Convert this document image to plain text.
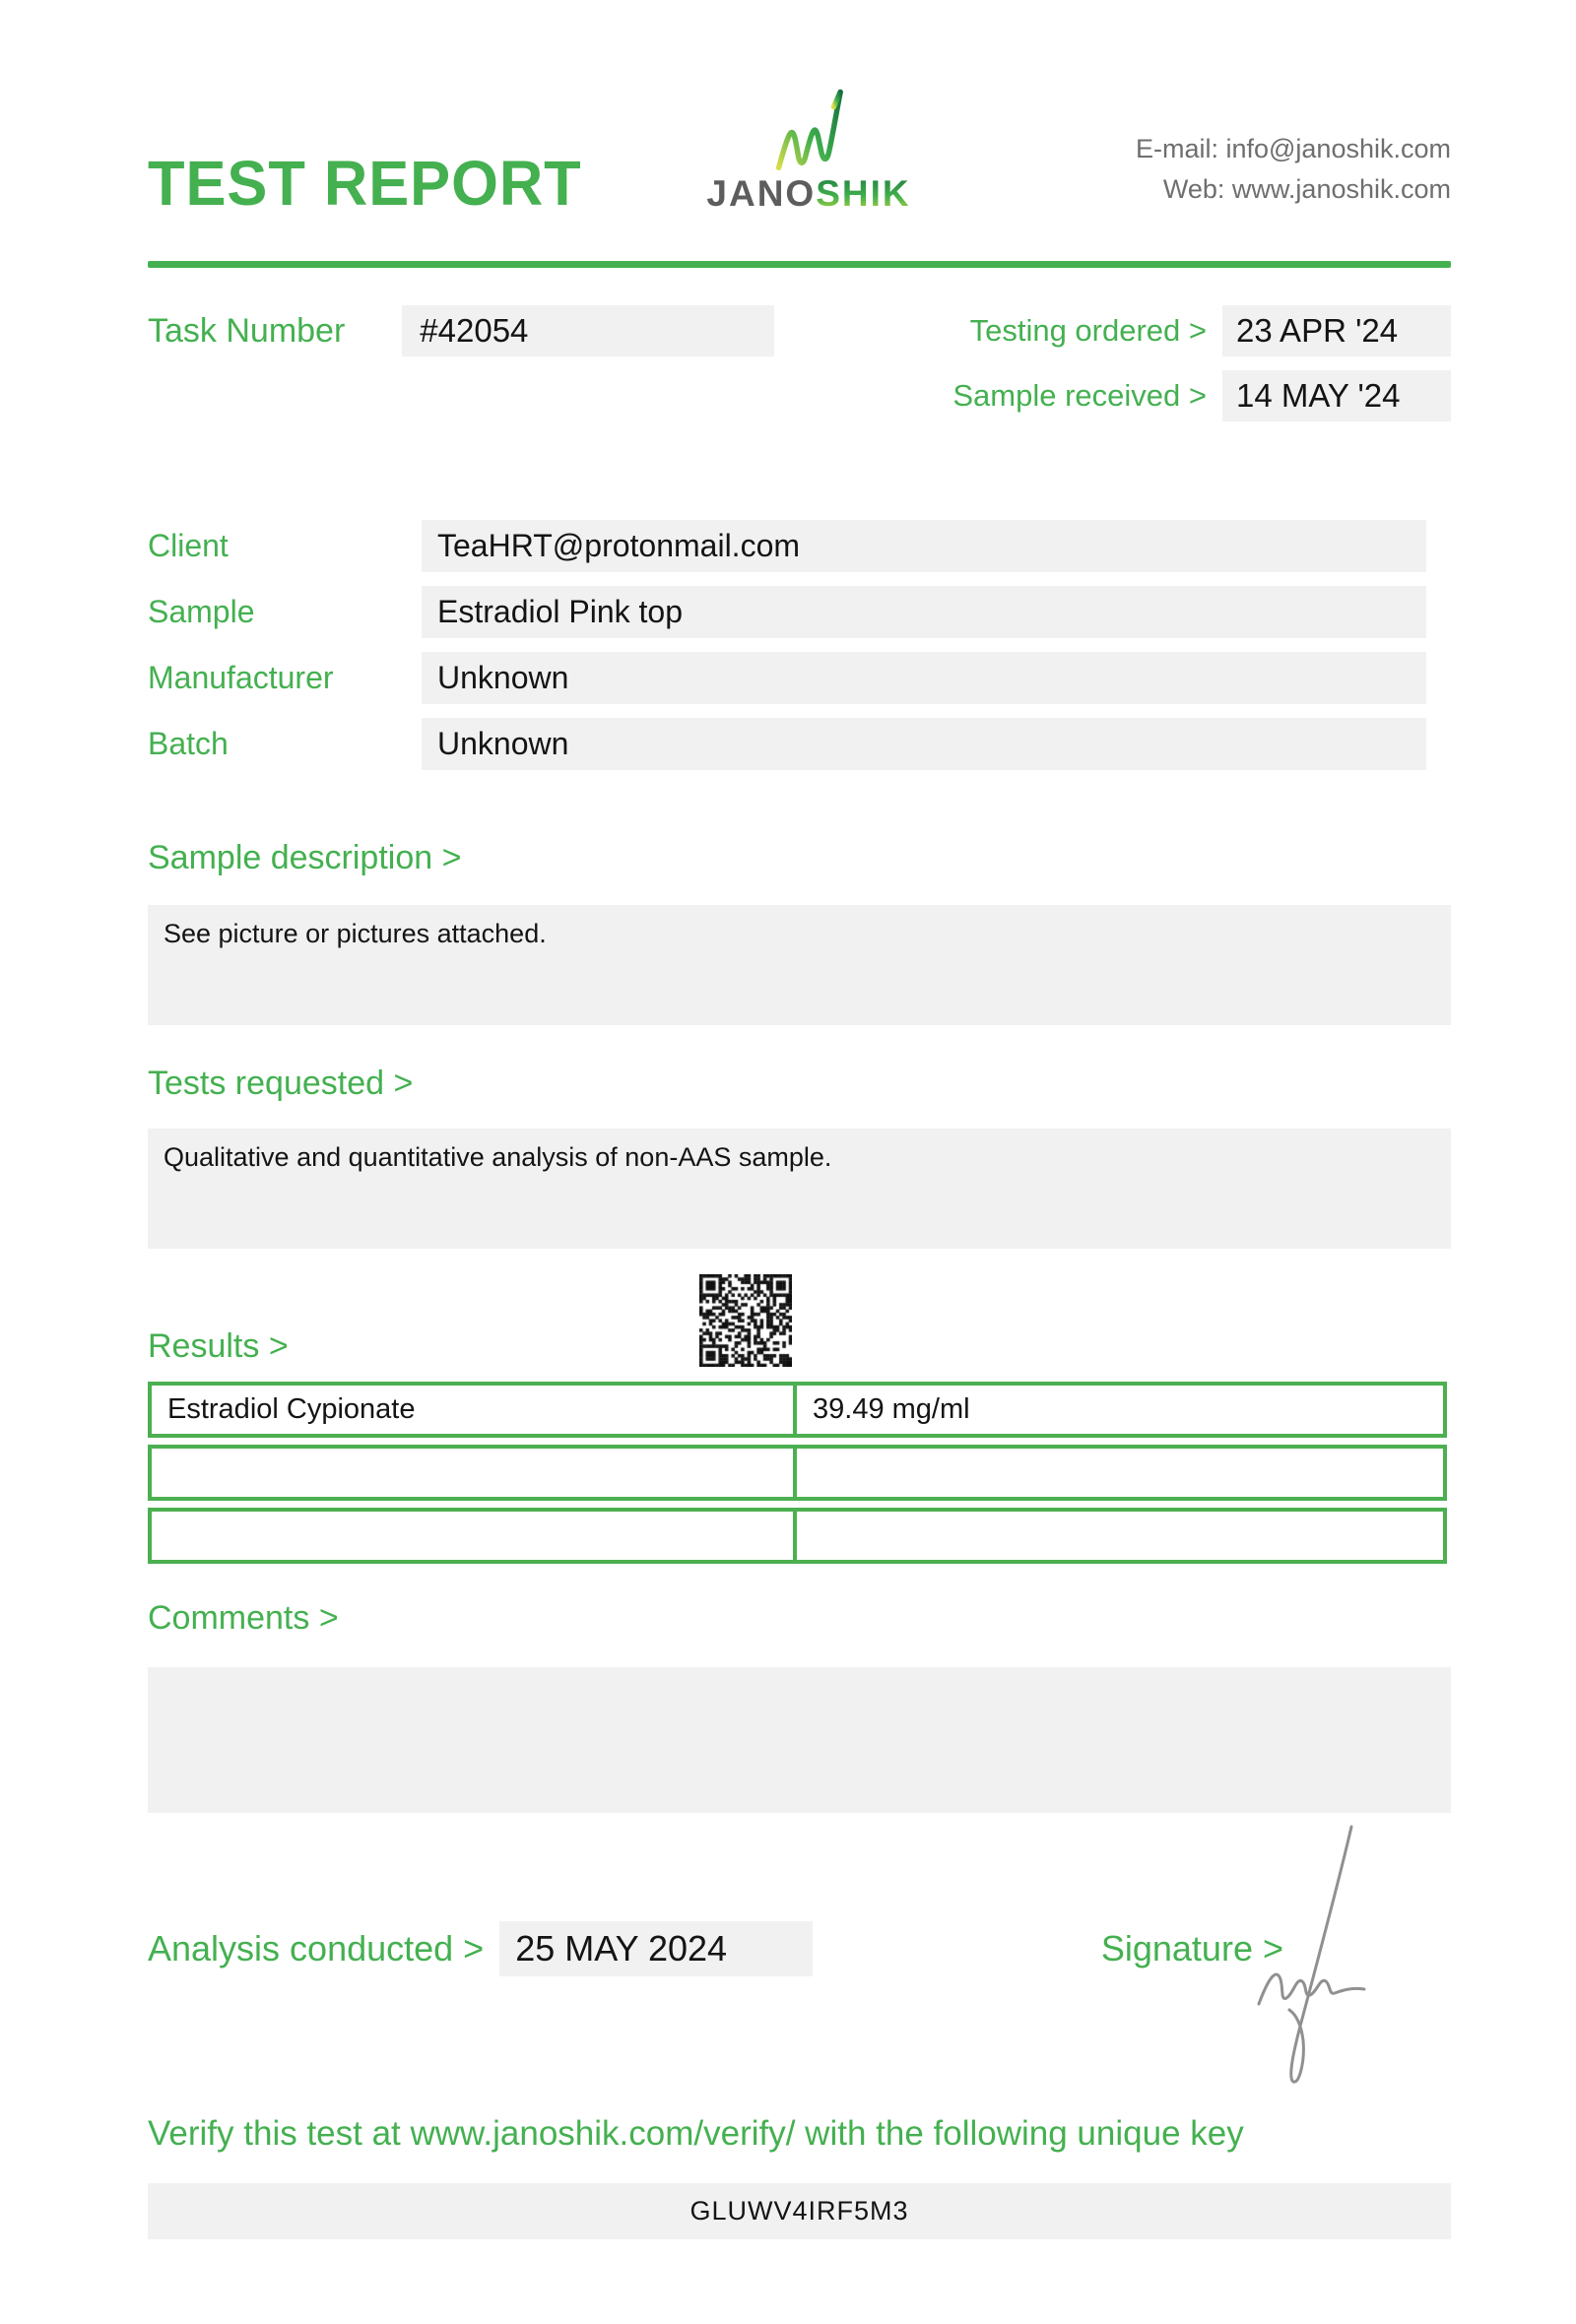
TEST REPORT	JANOSHIK
E-mail: info@janoshik.com
Web: www.janoshik.com
Task Number	#42054	Testing ordered > 23 APR '24
Sample received > 14 MAY '24
Client	TeaHRT@protonmail.com
Sample	Estradiol Pink top
Manufacturer	Unknown
Batch	Unknown
Sample description >
See picture or pictures attached.
Tests requested >
Qualitative and quantitative analysis of non-AAS sample.
Results >
Estradiol Cypionate	39.49 mg/ml
Comments >
Analysis conducted > 25 MAY 2024	Signature >
Verify this test at www.janoshik.com/verify/ with the following unique key
GLUWV4IRF5M3
